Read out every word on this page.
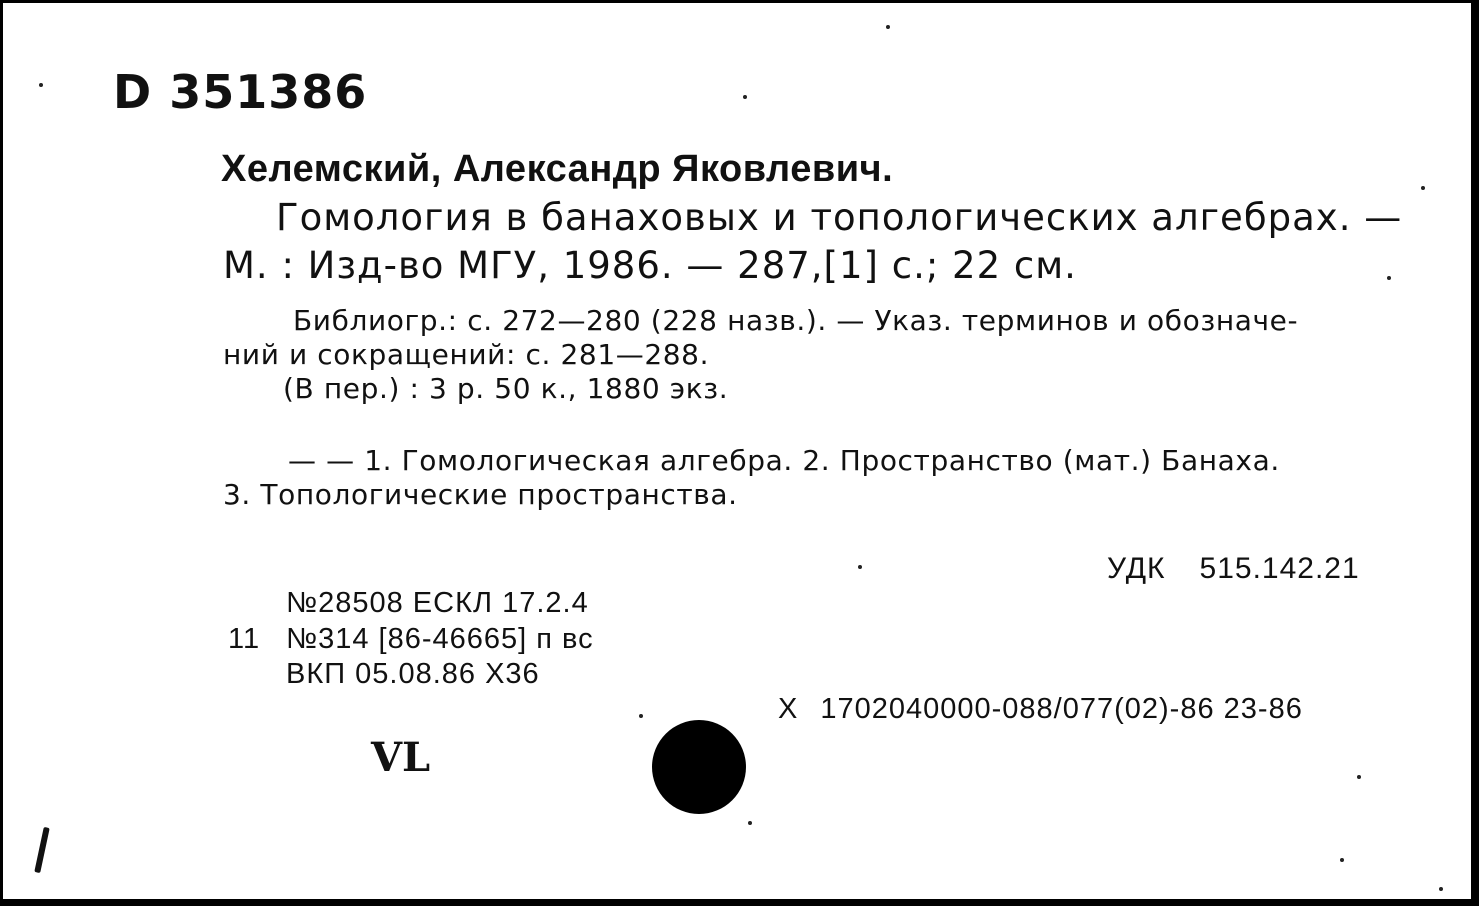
D 351386
Хелемский, Александр Яковлевич.
Гомология в банаховых и топологических алгебрах. —
М. : Изд-во МГУ, 1986. — 287,[1] с.; 22 см.
Библиогр.: с. 272—280 (228 назв.). — Указ. терминов и обозначе-
ний и сокращений: с. 281—288.
(В пер.) : 3 р. 50 к., 1880 экз.
— — 1. Гомологическая алгебра. 2. Пространство (мат.) Банаха.
3. Топологические пространства.
УДК 515.142.21
№28508 ЕСКЛ 17.2.4
11 №314 [86-46665] п вс
ВКП 05.08.86 Х36
Х 1702040000-088/077(02)-86 23-86
VL
